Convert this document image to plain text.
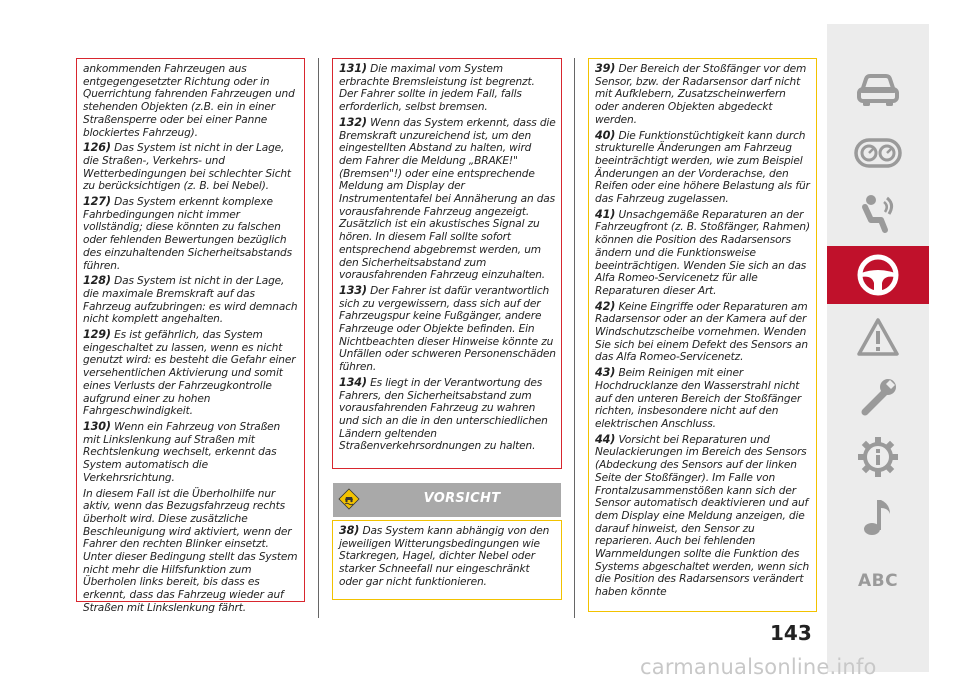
ankommenden Fahrzeugen aus entgegengesetzter Richtung oder in Querrichtung fahrenden Fahrzeugen und stehenden Objekten (z.B. ein in einer Straßensperre oder bei einer Panne blockiertes Fahrzeug).

126) Das System ist nicht in der Lage, die Straßen-, Verkehrs- und Wetterbedingungen bei schlechter Sicht zu berücksichtigen (z. B. bei Nebel).

127) Das System erkennt komplexe Fahrbedingungen nicht immer vollständig; diese könnten zu falschen oder fehlenden Bewertungen bezüglich des einzuhaltenden Sicherheitsabstands führen.

128) Das System ist nicht in der Lage, die maximale Bremskraft auf das Fahrzeug aufzubringen: es wird demnach nicht komplett angehalten.

129) Es ist gefährlich, das System eingeschaltet zu lassen, wenn es nicht genutzt wird: es besteht die Gefahr einer versehentlichen Aktivierung und somit eines Verlusts der Fahrzeugkontrolle aufgrund einer zu hohen Fahrgeschwindigkeit.

130) Wenn ein Fahrzeug von Straßen mit Linkslenkung auf Straßen mit Rechtslenkung wechselt, erkennt das System automatisch die Verkehrsrichtung.

In diesem Fall ist die Überholhilfe nur aktiv, wenn das Bezugsfahrzeug rechts überholt wird. Diese zusätzliche Beschleunigung wird aktiviert, wenn der Fahrer den rechten Blinker einsetzt. Unter dieser Bedingung stellt das System nicht mehr die Hilfsfunktion zum Überholen links bereit, bis dass es erkennt, dass das Fahrzeug wieder auf Straßen mit Linkslenkung fährt.

131) Die maximal vom System erbrachte Bremsleistung ist begrenzt. Der Fahrer sollte in jedem Fall, falls erforderlich, selbst bremsen.

132) Wenn das System erkennt, dass die Bremskraft unzureichend ist, um den eingestellten Abstand zu halten, wird dem Fahrer die Meldung „BRAKE!" (Bremsen"!) oder eine entsprechende Meldung am Display der Instrumententafel bei Annäherung an das vorausfahrende Fahrzeug angezeigt. Zusätzlich ist ein akustisches Signal zu hören. In diesem Fall sollte sofort entsprechend abgebremst werden, um den Sicherheitsabstand zum vorausfahrenden Fahrzeug einzuhalten.

133) Der Fahrer ist dafür verantwortlich sich zu vergewissern, dass sich auf der Fahrzeugspur keine Fußgänger, andere Fahrzeuge oder Objekte befinden. Ein Nichtbeachten dieser Hinweise könnte zu Unfällen oder schweren Personenschäden führen.

134) Es liegt in der Verantwortung des Fahrers, den Sicherheitsabstand zum vorausfahrenden Fahrzeug zu wahren und sich an die in den unterschiedlichen Ländern geltenden Straßenverkehrsordnungen zu halten.

VORSICHT

38) Das System kann abhängig von den jeweiligen Witterungsbedingungen wie Starkregen, Hagel, dichter Nebel oder starker Schneefall nur eingeschränkt oder gar nicht funktionieren.

39) Der Bereich der Stoßfänger vor dem Sensor, bzw. der Radarsensor darf nicht mit Aufklebern, Zusatzscheinwerfern oder anderen Objekten abgedeckt werden.

40) Die Funktionstüchtigkeit kann durch strukturelle Änderungen am Fahrzeug beeinträchtigt werden, wie zum Beispiel Änderungen an der Vorderachse, den Reifen oder eine höhere Belastung als für das Fahrzeug zugelassen.

41) Unsachgemäße Reparaturen an der Fahrzeugfront (z. B. Stoßfänger, Rahmen) können die Position des Radarsensors ändern und die Funktionsweise beeinträchtigen. Wenden Sie sich an das Alfa Romeo-Servicenetz für alle Reparaturen dieser Art.

42) Keine Eingriffe oder Reparaturen am Radarsensor oder an der Kamera auf der Windschutzscheibe vornehmen. Wenden Sie sich bei einem Defekt des Sensors an das Alfa Romeo-Servicenetz.

43) Beim Reinigen mit einer Hochdrucklanze den Wasserstrahl nicht auf den unteren Bereich der Stoßfänger richten, insbesondere nicht auf den elektrischen Anschluss.

44) Vorsicht bei Reparaturen und Neulackierungen im Bereich des Sensors (Abdeckung des Sensors auf der linken Seite der Stoßfänger). Im Falle von Frontalzusammenstößen kann sich der Sensor automatisch deaktivieren und auf dem Display eine Meldung anzeigen, die darauf hinweist, den Sensor zu reparieren. Auch bei fehlenden Warnmeldungen sollte die Funktion des Systems abgeschaltet werden, wenn sich die Position des Radarsensors verändert haben könnte

ABC
143
carmanualsonline.info
